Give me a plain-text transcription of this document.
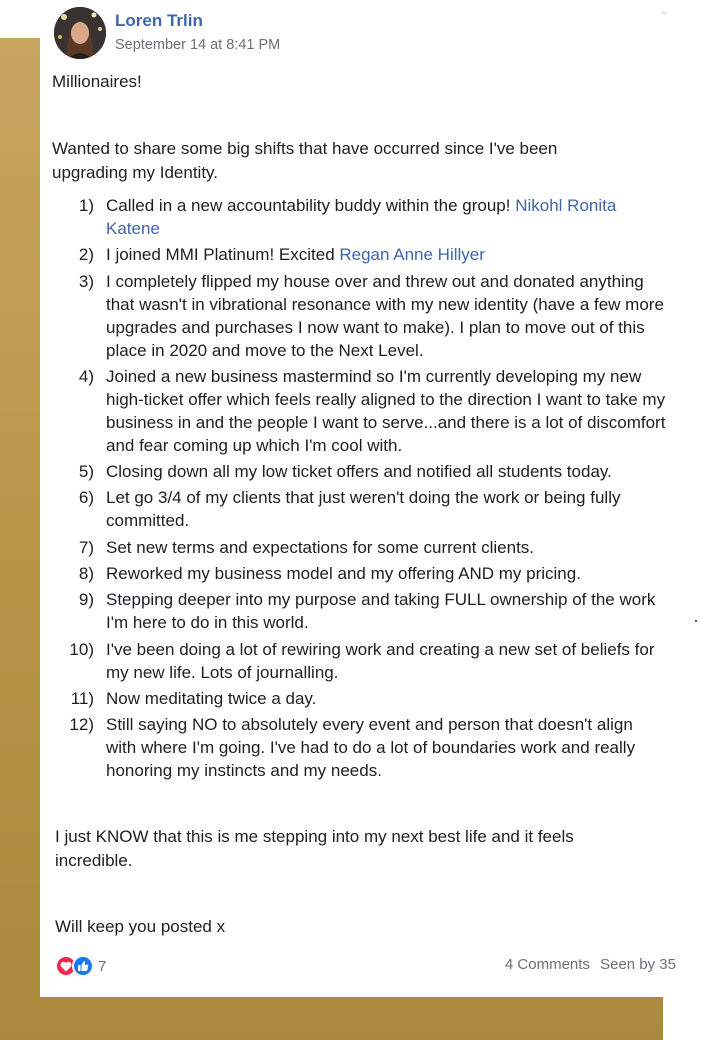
Loren Trlin
September 14 at 8:41 PM
Millionaires!
Wanted to share some big shifts that have occurred since I've been upgrading my Identity.
1) Called in a new accountability buddy within the group! Nikohl Ronita Katene
2) I joined MMI Platinum! Excited Regan Anne Hillyer
3) I completely flipped my house over and threw out and donated anything that wasn't in vibrational resonance with my new identity (have a few more upgrades and purchases I now want to make). I plan to move out of this place in 2020 and move to the Next Level.
4) Joined a new business mastermind so I'm currently developing my new high-ticket offer which feels really aligned to the direction I want to take my business in and the people I want to serve...and there is a lot of discomfort and fear coming up which I'm cool with.
5) Closing down all my low ticket offers and notified all students today.
6) Let go 3/4 of my clients that just weren't doing the work or being fully committed.
7) Set new terms and expectations for some current clients.
8) Reworked my business model and my offering AND my pricing.
9) Stepping deeper into my purpose and taking FULL ownership of the work I'm here to do in this world.
10) I've been doing a lot of rewiring work and creating a new set of beliefs for my new life. Lots of journalling.
11) Now meditating twice a day.
12) Still saying NO to absolutely every event and person that doesn't align with where I'm going. I've had to do a lot of boundaries work and really honoring my instincts and my needs.
I just KNOW that this is me stepping into my next best life and it feels incredible.
Will keep you posted x
7	4 Comments Seen by 35
